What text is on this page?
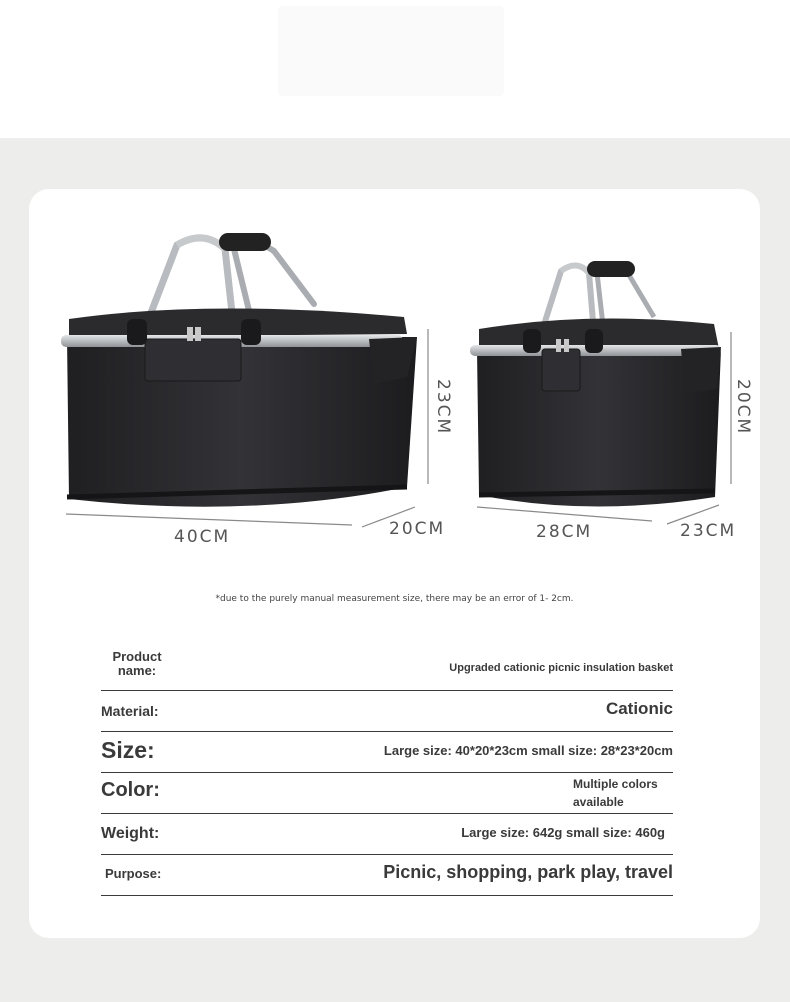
23CM
40CM	20CM
20CM
28CM	23CM
*due to the purely manual measurement size, there may be an error of 1- 2cm.
Product name:	Upgraded cationic picnic insulation basket
Material:	Cationic
Size:	Large size: 40*20*23cm small size: 28*23*20cm
Color:	Multiple colors available
Weight:	Large size: 642g small size: 460g
Purpose:	Picnic, shopping, park play, travel
